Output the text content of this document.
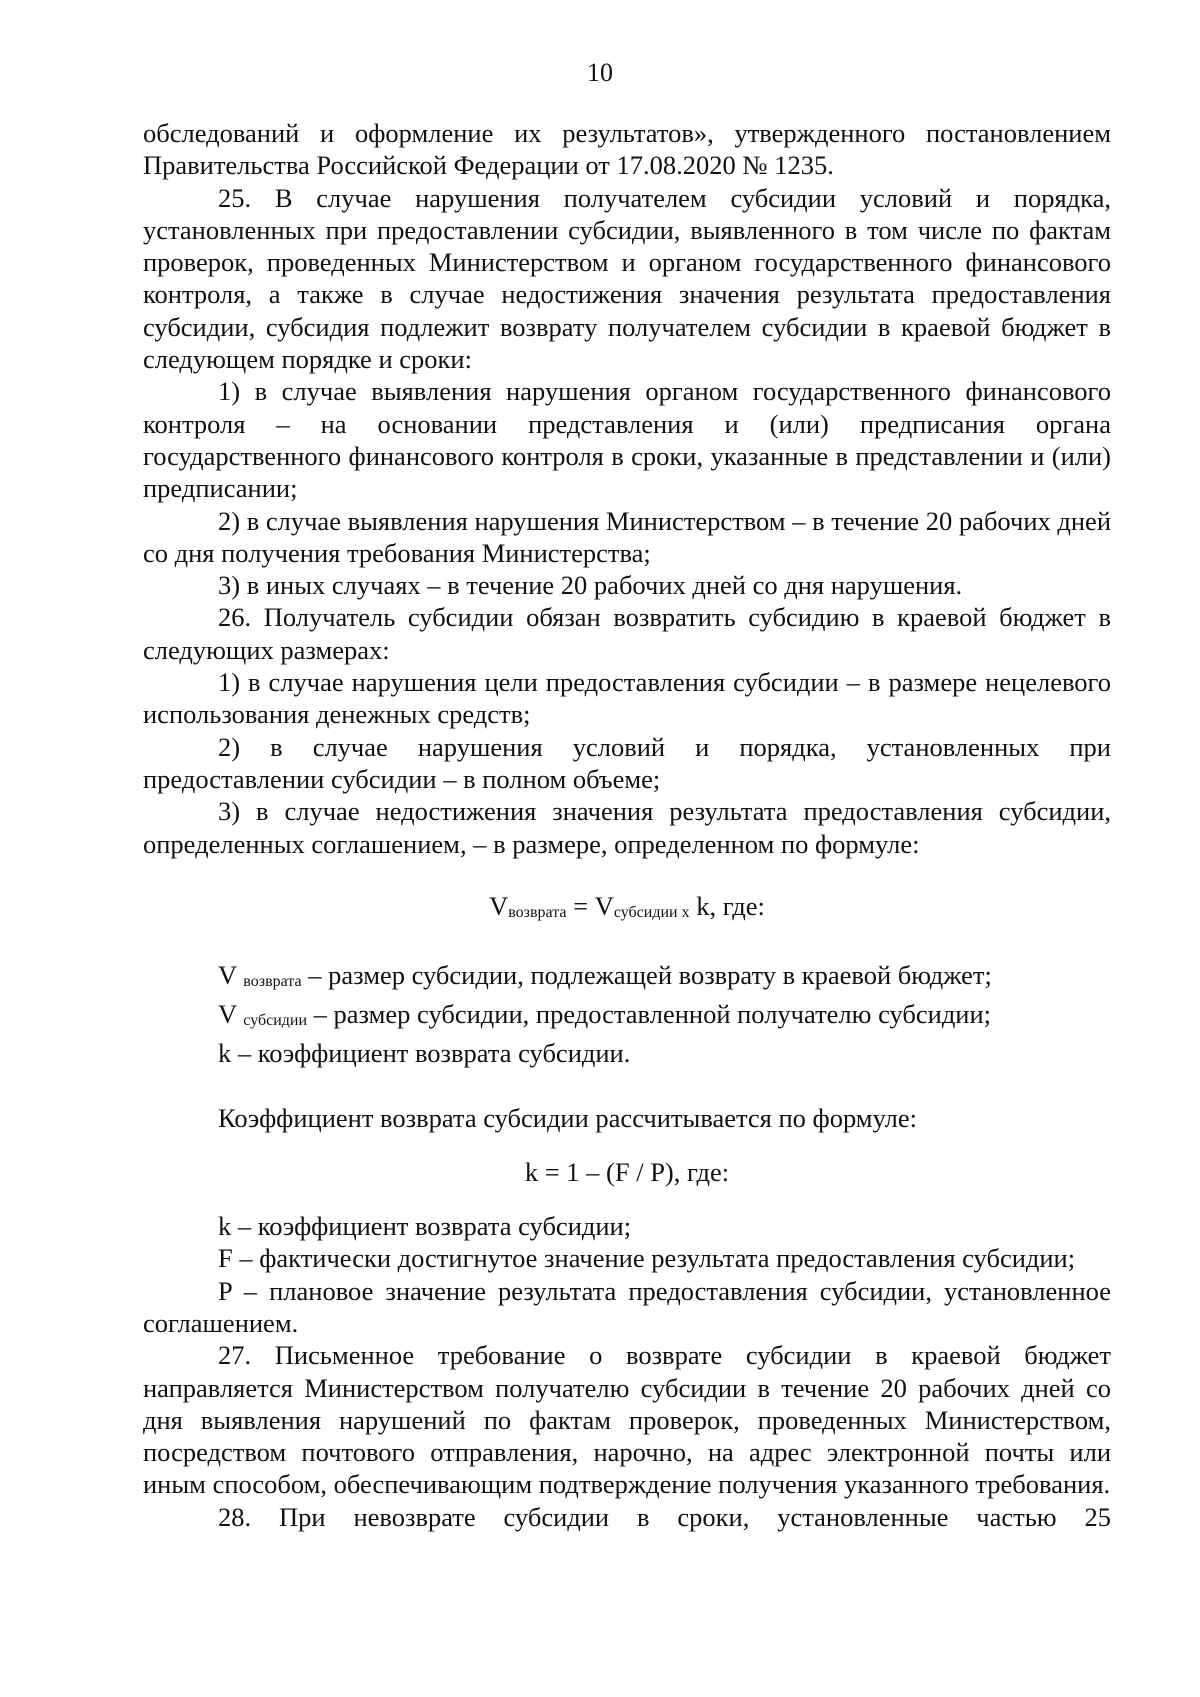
10

обследований и оформление их результатов», утвержденного постановлением Правительства Российской Федерации от 17.08.2020 № 1235.

25. В случае нарушения получателем субсидии условий и порядка, установленных при предоставлении субсидии, выявленного в том числе по фактам проверок, проведенных Министерством и органом государственного финансового контроля, а также в случае недостижения значения результата предоставления субсидии, субсидия подлежит возврату получателем субсидии в краевой бюджет в следующем порядке и сроки:

1) в случае выявления нарушения органом государственного финансового контроля – на основании представления и (или) предписания органа государственного финансового контроля в сроки, указанные в представлении и (или) предписании;

2) в случае выявления нарушения Министерством – в течение 20 рабочих дней со дня получения требования Министерства;

3) в иных случаях – в течение 20 рабочих дней со дня нарушения.

26. Получатель субсидии обязан возвратить субсидию в краевой бюджет в следующих размерах:

1) в случае нарушения цели предоставления субсидии – в размере нецелевого использования денежных средств;

2) в случае нарушения условий и порядка, установленных при предоставлении субсидии – в полном объеме;

3) в случае недостижения значения результата предоставления субсидии, определенных соглашением, – в размере, определенном по формуле:

Vвозврата = Vсубсидии х k, где:

V возврата – размер субсидии, подлежащей возврату в краевой бюджет;

V субсидии – размер субсидии, предоставленной получателю субсидии;

k – коэффициент возврата субсидии.

Коэффициент возврата субсидии рассчитывается по формуле:

k = 1 – (F / P), где:

k – коэффициент возврата субсидии;

F – фактически достигнутое значение результата предоставления субсидии;

P – плановое значение результата предоставления субсидии, установленное соглашением.

27. Письменное требование о возврате субсидии в краевой бюджет направляется Министерством получателю субсидии в течение 20 рабочих дней со дня выявления нарушений по фактам проверок, проведенных Министерством, посредством почтового отправления, нарочно, на адрес электронной почты или иным способом, обеспечивающим подтверждение получения указанного требования.

28. При невозврате субсидии в сроки, установленные частью 25
